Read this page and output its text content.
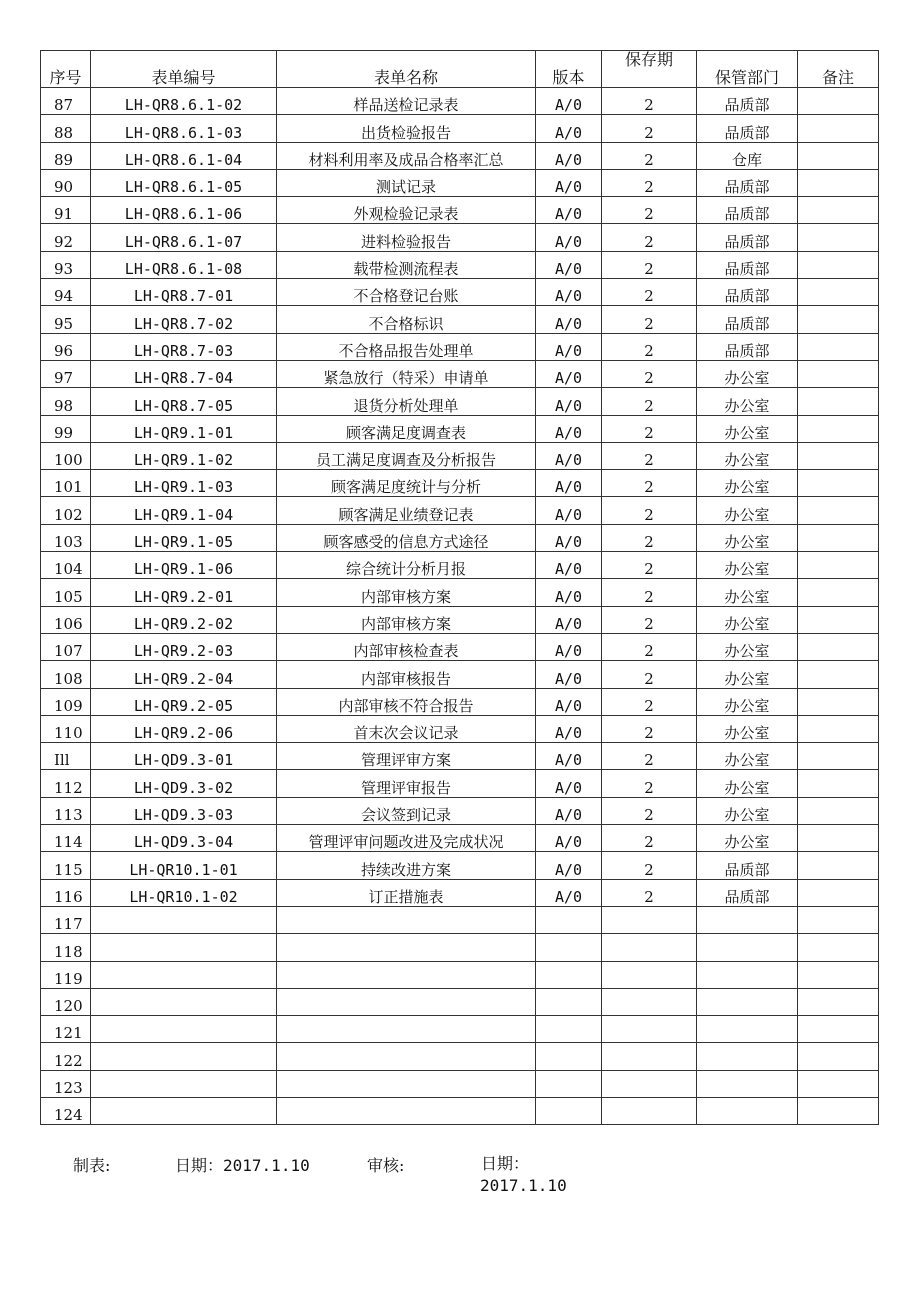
序号	表单编号	表单名称	版本	保存期	保管部门	备注
87	LH-QR8.6.1-02	样品送检记录表	A/0	2	品质部	
88	LH-QR8.6.1-03	出货检验报告	A/0	2	品质部	
89	LH-QR8.6.1-04	材料利用率及成品合格率汇总	A/0	2	仓库	
90	LH-QR8.6.1-05	测试记录	A/0	2	品质部	
91	LH-QR8.6.1-06	外观检验记录表	A/0	2	品质部	
92	LH-QR8.6.1-07	进料检验报告	A/0	2	品质部	
93	LH-QR8.6.1-08	载带检测流程表	A/0	2	品质部	
94	LH-QR8.7-01	不合格登记台账	A/0	2	品质部	
95	LH-QR8.7-02	不合格标识	A/0	2	品质部	
96	LH-QR8.7-03	不合格品报告处理单	A/0	2	品质部	
97	LH-QR8.7-04	紧急放行（特采）申请单	A/0	2	办公室	
98	LH-QR8.7-05	退货分析处理单	A/0	2	办公室	
99	LH-QR9.1-01	顾客满足度调查表	A/0	2	办公室	
100	LH-QR9.1-02	员工满足度调查及分析报告	A/0	2	办公室	
101	LH-QR9.1-03	顾客满足度统计与分析	A/0	2	办公室	
102	LH-QR9.1-04	顾客满足业绩登记表	A/0	2	办公室	
103	LH-QR9.1-05	顾客感受的信息方式途径	A/0	2	办公室	
104	LH-QR9.1-06	综合统计分析月报	A/0	2	办公室	
105	LH-QR9.2-01	内部审核方案	A/0	2	办公室	
106	LH-QR9.2-02	内部审核方案	A/0	2	办公室	
107	LH-QR9.2-03	内部审核检查表	A/0	2	办公室	
108	LH-QR9.2-04	内部审核报告	A/0	2	办公室	
109	LH-QR9.2-05	内部审核不符合报告	A/0	2	办公室	
110	LH-QR9.2-06	首末次会议记录	A/0	2	办公室	
Ill	LH-QD9.3-01	管理评审方案	A/0	2	办公室	
112	LH-QD9.3-02	管理评审报告	A/0	2	办公室	
113	LH-QD9.3-03	会议签到记录	A/0	2	办公室	
114	LH-QD9.3-04	管理评审问题改进及完成状况	A/0	2	办公室	
115	LH-QR10.1-01	持续改进方案	A/0	2	品质部	
116	LH-QR10.1-02	订正措施表	A/0	2	品质部	
117						
118						
119						
120						
121						
122						
123						
124						
制表:	日期：2017.1.10	审核:	日期：
2017.1.10
